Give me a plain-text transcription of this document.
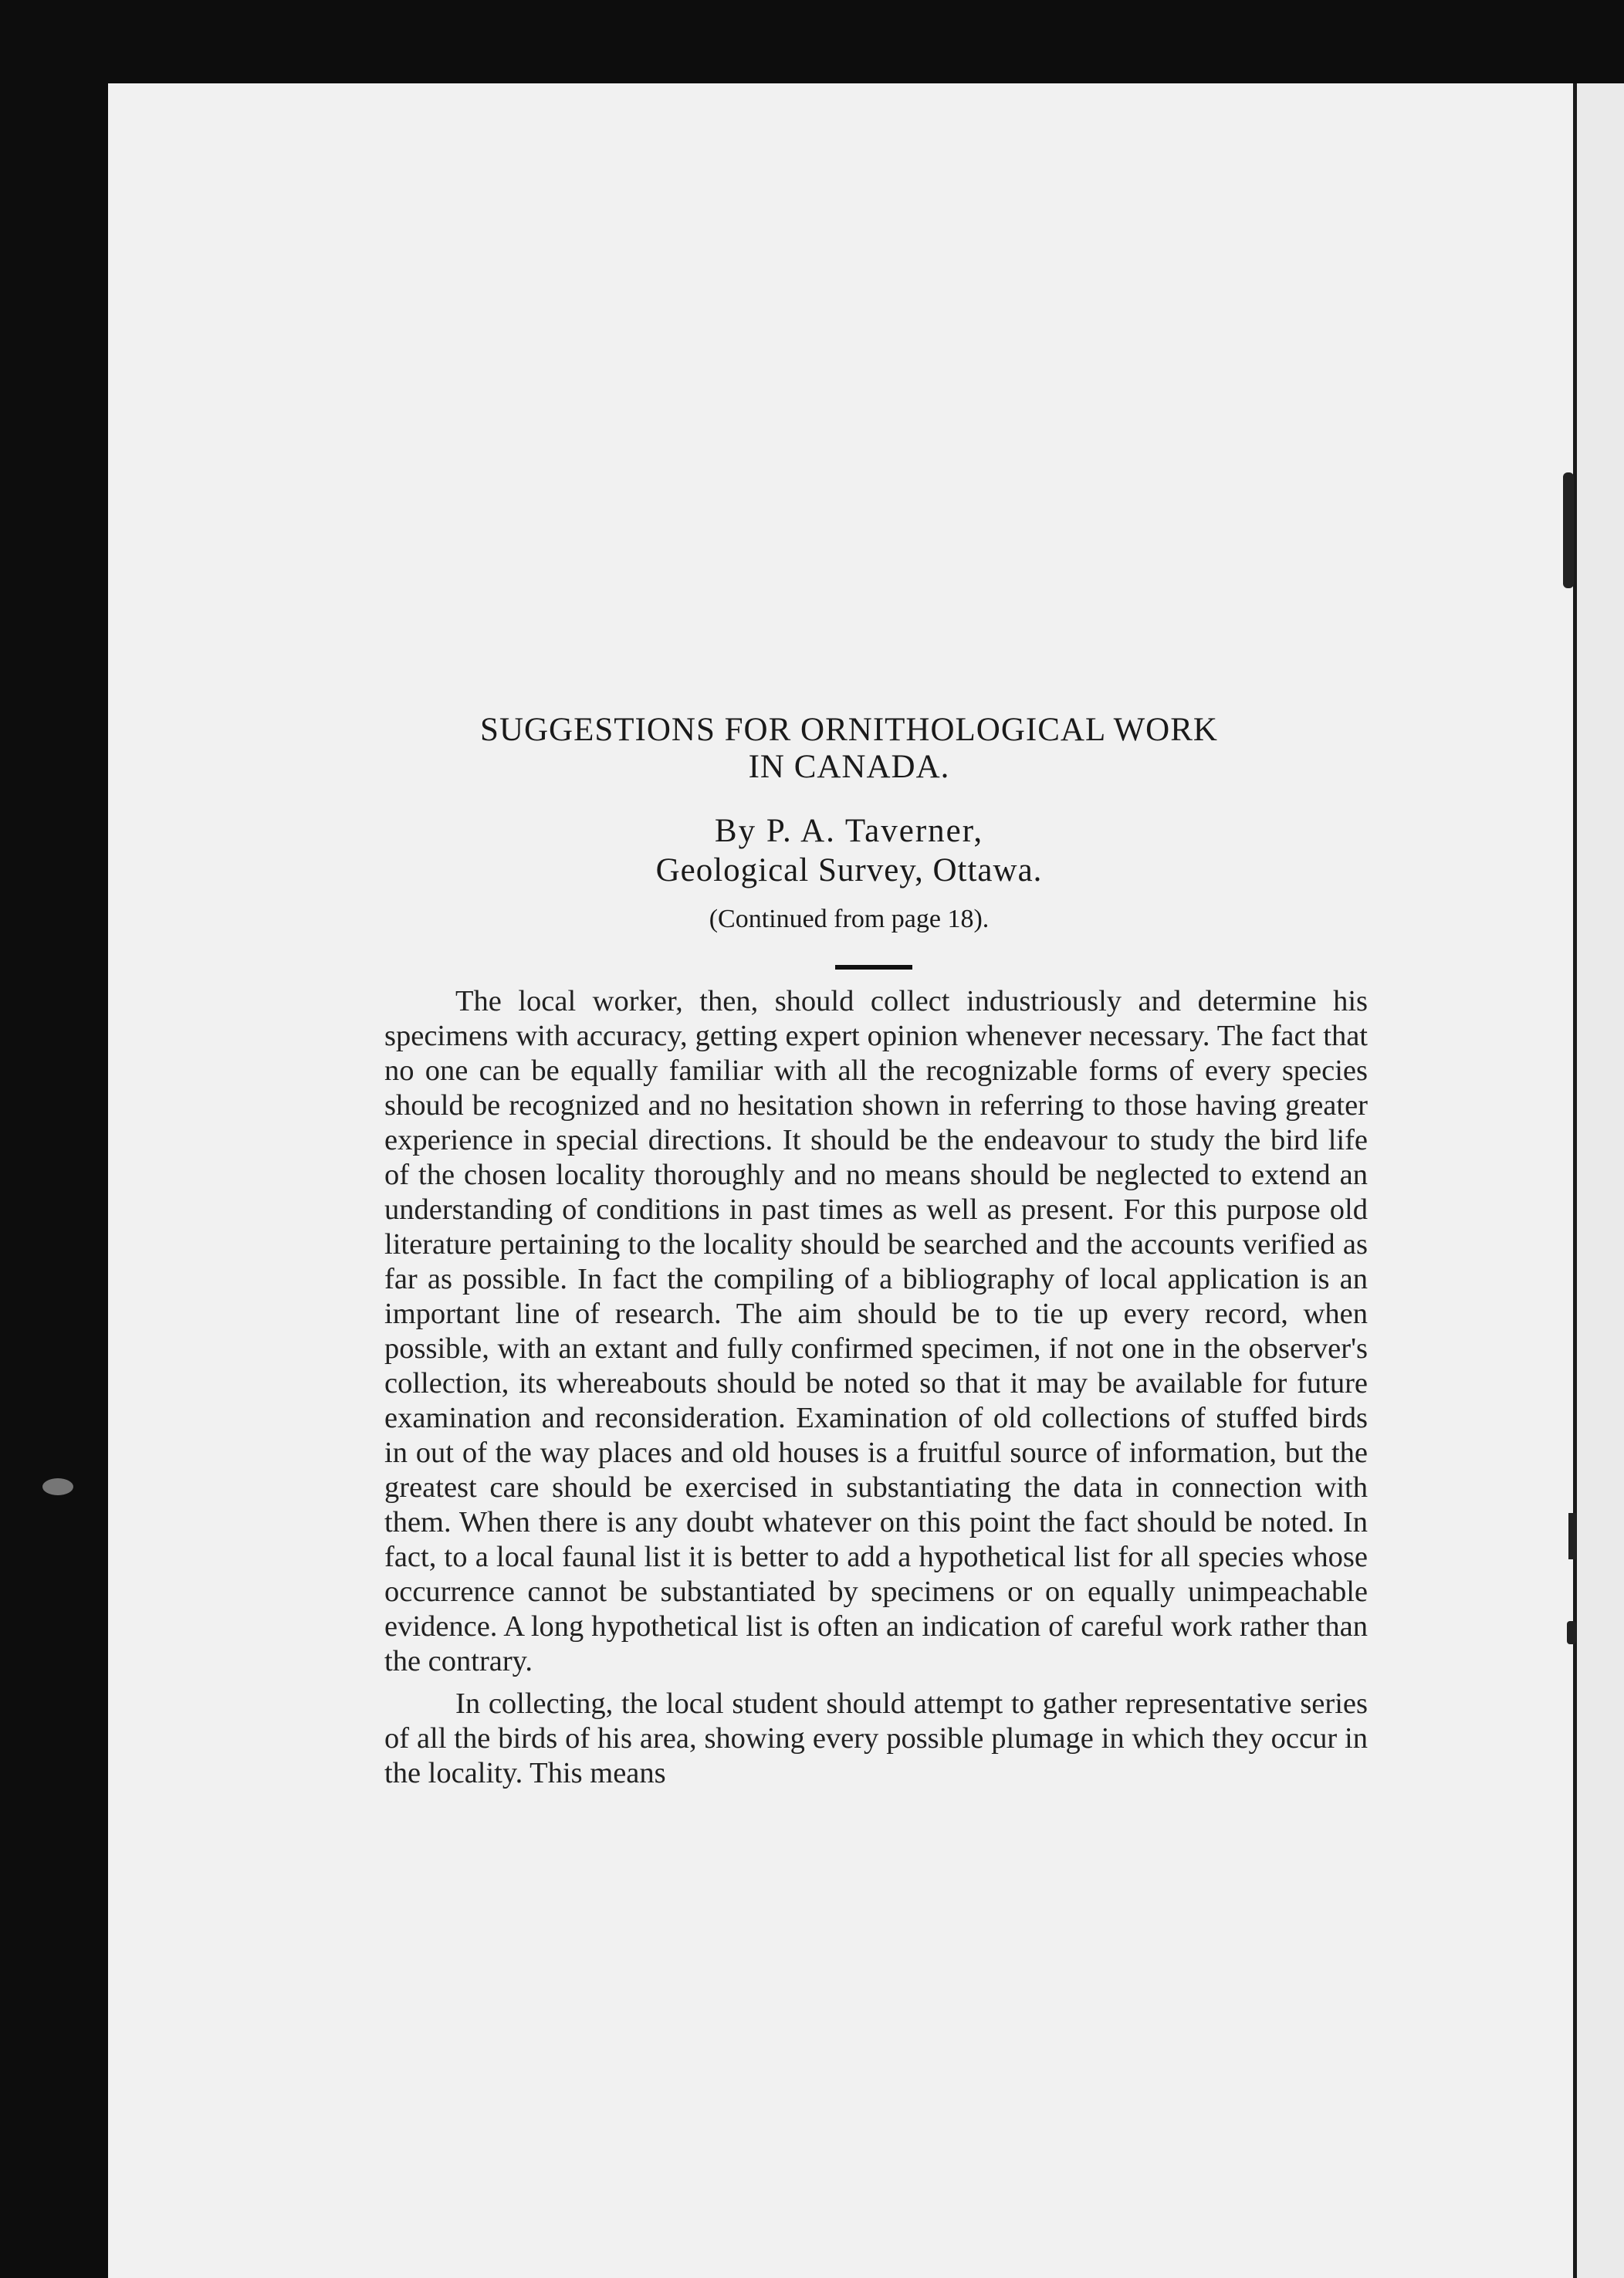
SUGGESTIONS FOR ORNITHOLOGICAL WORK
IN CANADA.
By P. A. Taverner,
Geological Survey, Ottawa.
(Continued from page 18).

The local worker, then, should collect industriously and determine his specimens with accuracy, getting expert opinion whenever necessary. The fact that no one can be equally familiar with all the recognizable forms of every species should be recognized and no hesitation shown in referring to those having greater experience in special directions. It should be the endeavour to study the bird life of the chosen locality thoroughly and no means should be neglected to extend an understanding of conditions in past times as well as present. For this purpose old literature pertaining to the locality should be searched and the accounts verified as far as possible. In fact the compiling of a bibliography of local application is an important line of research. The aim should be to tie up every record, when possible, with an extant and fully confirmed specimen, if not one in the observer's collection, its whereabouts should be noted so that it may be available for future examination and reconsideration. Examination of old collections of stuffed birds in out of the way places and old houses is a fruitful source of information, but the greatest care should be exercised in substantiating the data in connection with them. When there is any doubt whatever on this point the fact should be noted. In fact, to a local faunal list it is better to add a hypothetical list for all species whose occurrence cannot be substantiated by specimens or on equally unimpeachable evidence. A long hypothetical list is often an indication of careful work rather than the contrary.

In collecting, the local student should attempt to gather representative series of all the birds of his area, showing every possible plumage in which they occur in the locality. This means
